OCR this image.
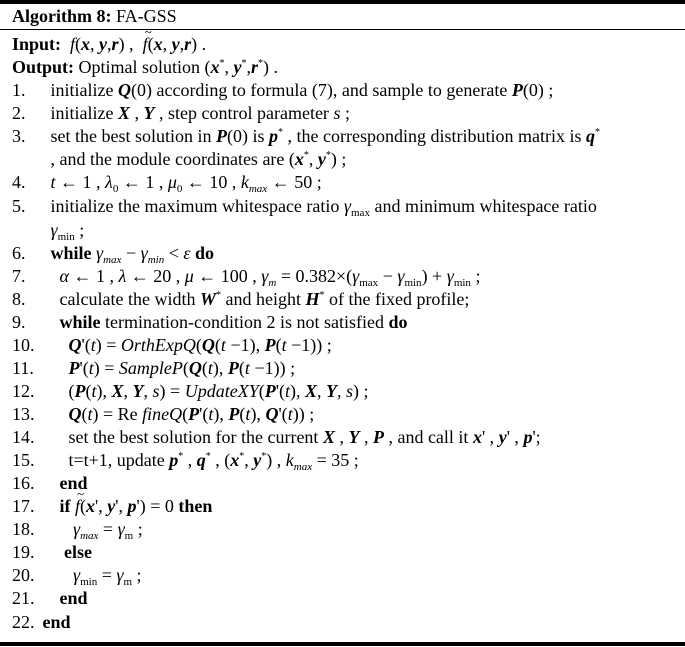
Algorithm 8: FA-GSS
Input: f(x, y,r) ,  ~ f(x, y,r) .
Output: Optimal solution (x*, y*,r*) .
1. initialize Q(0) according to formula (7), and sample to generate P(0) ;
2. initialize X , Y , step control parameter s ;
3. set the best solution in P(0) is p* , the corresponding distribution matrix is q*
, and the module coordinates are (x*, y*) ;
4. t ← 1 , $\lambda_0$ ← 1 , $\mu_0$ ← 10 , $k_{max}$ ← 50 ;
5. initialize the maximum whitespace ratio $\gamma_{max}$ and minimum whitespace ratio
$\gamma_{min}$ ;
6. while $\gamma_{max} - \gamma_{min} < \varepsilon$ do
7. α ← 1 , λ ← 20 , μ ← 100 , $\gamma_m = 0.382\times(\gamma_{max} - \gamma_{min}) + \gamma_{min}$ ;
8.   calculate the width W* and height H* of the fixed profile;
9. while termination-condition 2 is not satisfied do
10. Q'(t) = OrthExpQ(Q(t −1), P(t −1)) ;
11. P'(t) = SampleP(Q(t), P(t −1)) ;
12.     (P(t), X, Y, s) = UpdateXY(P'(t), X, Y, s) ;
13. Q(t) = Re fineQ(P'(t), P(t), Q'(t)) ;
14.     set the best solution for the current X , Y , P , and call it x' , y' , p';
15.     t=t+1, update p* , q* , (x*, y*) , $k_{max} = 35$ ;
16. end
17. if ~ f(x', y', p') = 0 then
18. $\gamma_{max} = \gamma_m$ ;
19. else
20. $\gamma_{min} = \gamma_m$ ;
21. end
22. end
